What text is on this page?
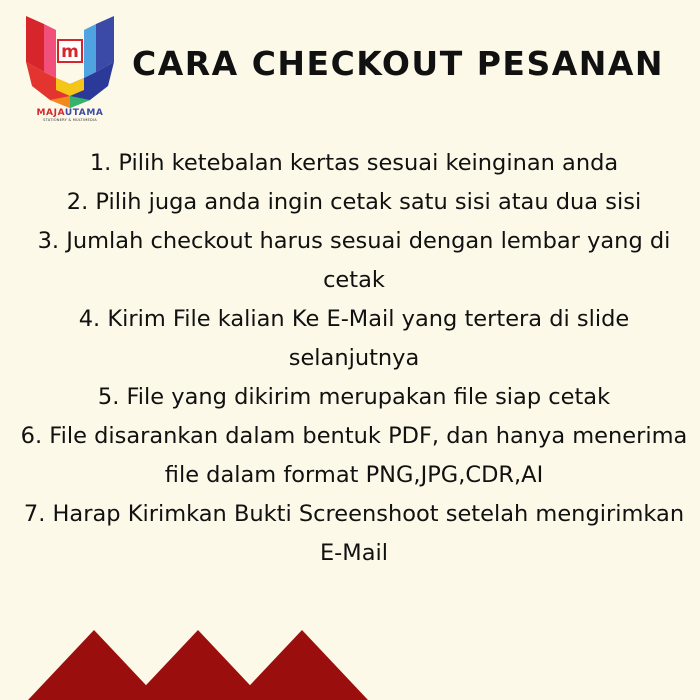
m
MAJAUTAMA
STATIONERY & MULTIMEDIA
CARA CHECKOUT PESANAN
1. Pilih ketebalan kertas sesuai keinginan anda
2. Pilih juga anda ingin cetak satu sisi atau dua sisi
3. Jumlah checkout harus sesuai dengan lembar yang di cetak
4. Kirim File kalian Ke E-Mail yang tertera di slide selanjutnya
5. File yang dikirim merupakan file siap cetak
6. File disarankan dalam bentuk PDF, dan hanya menerima file dalam format PNG,JPG,CDR,AI
7. Harap Kirimkan Bukti Screenshoot setelah mengirimkan E-Mail
